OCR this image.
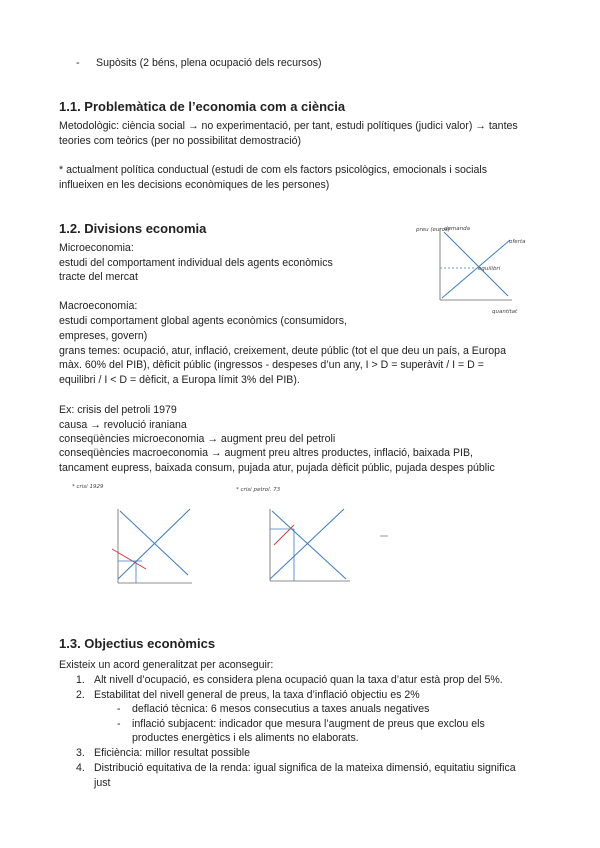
- Supòsits (2 béns, plena ocupació dels recursos)
1.1. Problemàtica de l’economia com a ciència
Metodològic: ciència social → no experimentació, per tant, estudi polítiques (judici valor) → tantes
teories com teòrics (per no possibilitat demostració)
* actualment política conductual (estudi de com els factors psicològics, emocionals i socials
influeixen en les decisions econòmiques de les persones)
1.2. Divisions economia
Microeconomia:
estudi del comportament individual dels agents econòmics
tracte del mercat
Macroeconomia:
estudi comportament global agents econòmics (consumidors,
empreses, govern)
grans temes: ocupació, atur, inflació, creixement, deute públic (tot el que deu un país, a Europa
màx. 60% del PIB), dèficit públic (ingressos - despeses d’un any, I > D = superàvit / I = D =
equilibri / I < D = dèficit, a Europa límit 3% del PIB).
Ex: crisis del petroli 1979
causa → revolució iraniana
conseqüències microeconomia → augment preu del petroli
conseqüències macroeconomia → augment preu altres productes, inflació, baixada PIB,
tancament eupress, baixada consum, pujada atur, pujada dèficit públic, pujada despes públic
preu (euros)
demanda
oferta
equilibri
quantitat
* crisi 1929	* crisi petrol. 73
1.3. Objectius econòmics
Existeix un acord generalitzat per aconseguir:
1. Alt nivell d’ocupació, es considera plena ocupació quan la taxa d’atur està prop del 5%.
2. Estabilitat del nivell general de preus, la taxa d’inflació objectiu es 2%
- deflació tècnica: 6 mesos consecutius a taxes anuals negatives
- inflació subjacent: indicador que mesura l’augment de preus que exclou els
productes energètics i els aliments no elaborats.
3. Eficiència: millor resultat possible
4. Distribució equitativa de la renda: igual significa de la mateixa dimensió, equitatiu significa
just
